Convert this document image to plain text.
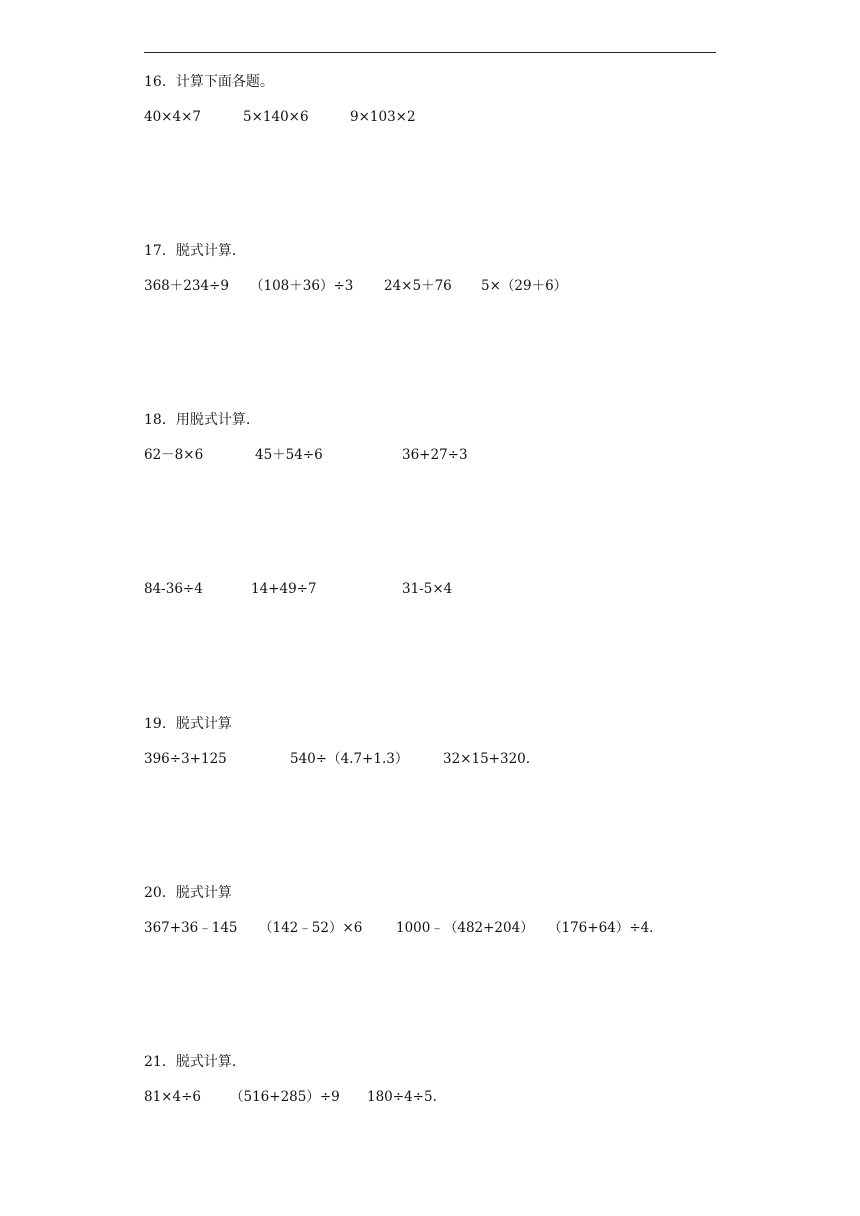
16．计算下面各题。
40×4×7	5×140×6	9×103×2
17．脱式计算.
368＋234÷9 （108＋36）÷3 24×5＋76 5×（29＋6）
18．用脱式计算.
62－8×6	45＋54÷6	36+27÷3
84-36÷4	14+49÷7	31-5×4
19．脱式计算
396÷3+125	540÷（4.7+1.3）	32×15+320.
20．脱式计算
367+36﹣145 （142﹣52）×6 1000﹣（482+204） （176+64）÷4.
21．脱式计算.
81×4÷6 （516+285）÷9 180÷4÷5.
